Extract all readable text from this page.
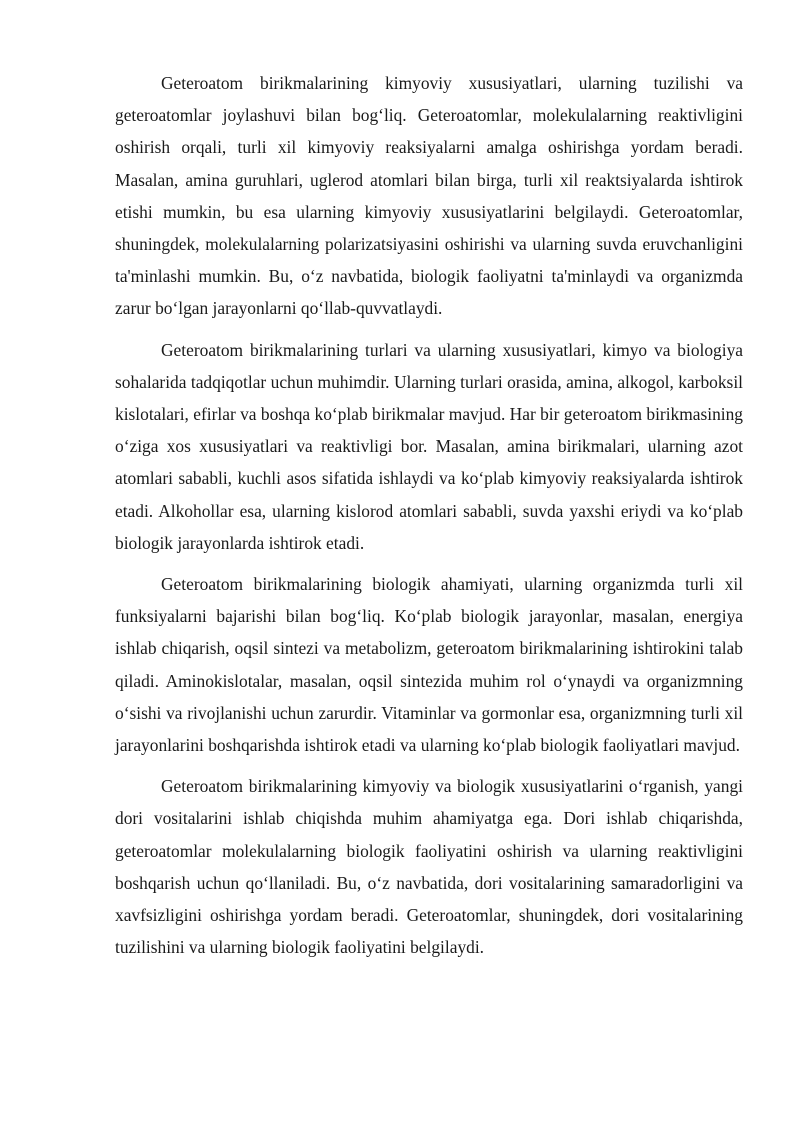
Geteroatom birikmalarining kimyoviy xususiyatlari, ularning tuzilishi va geteroatomlar joylashuvi bilan bog‘liq. Geteroatomlar, molekulalarning reaktivligini oshirish orqali, turli xil kimyoviy reaksiyalarni amalga oshirishga yordam beradi. Masalan, amina guruhlari, uglerod atomlari bilan birga, turli xil reaktsiyalarda ishtirok etishi mumkin, bu esa ularning kimyoviy xususiyatlarini belgilaydi. Geteroatomlar, shuningdek, molekulalarning polarizatsiyasini oshirishi va ularning suvda eruvchanligini ta'minlashi mumkin. Bu, o‘z navbatida, biologik faoliyatni ta'minlaydi va organizmda zarur bo‘lgan jarayonlarni qo‘llab-quvvatlaydi.

Geteroatom birikmalarining turlari va ularning xususiyatlari, kimyo va biologiya sohalarida tadqiqotlar uchun muhimdir. Ularning turlari orasida, amina, alkogol, karboksil kislotalari, efirlar va boshqa ko‘plab birikmalar mavjud. Har bir geteroatom birikmasining o‘ziga xos xususiyatlari va reaktivligi bor. Masalan, amina birikmalari, ularning azot atomlari sababli, kuchli asos sifatida ishlaydi va ko‘plab kimyoviy reaksiyalarda ishtirok etadi. Alkohollar esa, ularning kislorod atomlari sababli, suvda yaxshi eriydi va ko‘plab biologik jarayonlarda ishtirok etadi.

Geteroatom birikmalarining biologik ahamiyati, ularning organizmda turli xil funksiyalarni bajarishi bilan bog‘liq. Ko‘plab biologik jarayonlar, masalan, energiya ishlab chiqarish, oqsil sintezi va metabolizm, geteroatom birikmalarining ishtirokini talab qiladi. Aminokislotalar, masalan, oqsil sintezida muhim rol o‘ynaydi va organizmning o‘sishi va rivojlanishi uchun zarurdir. Vitaminlar va gormonlar esa, organizmning turli xil jarayonlarini boshqarishda ishtirok etadi va ularning ko‘plab biologik faoliyatlari mavjud.

Geteroatom birikmalarining kimyoviy va biologik xususiyatlarini o‘rganish, yangi dori vositalarini ishlab chiqishda muhim ahamiyatga ega. Dori ishlab chiqarishda, geteroatomlar molekulalarning biologik faoliyatini oshirish va ularning reaktivligini boshqarish uchun qo‘llaniladi. Bu, o‘z navbatida, dori vositalarining samaradorligini va xavfsizligini oshirishga yordam beradi. Geteroatomlar, shuningdek, dori vositalarining tuzilishini va ularning biologik faoliyatini belgilaydi.
